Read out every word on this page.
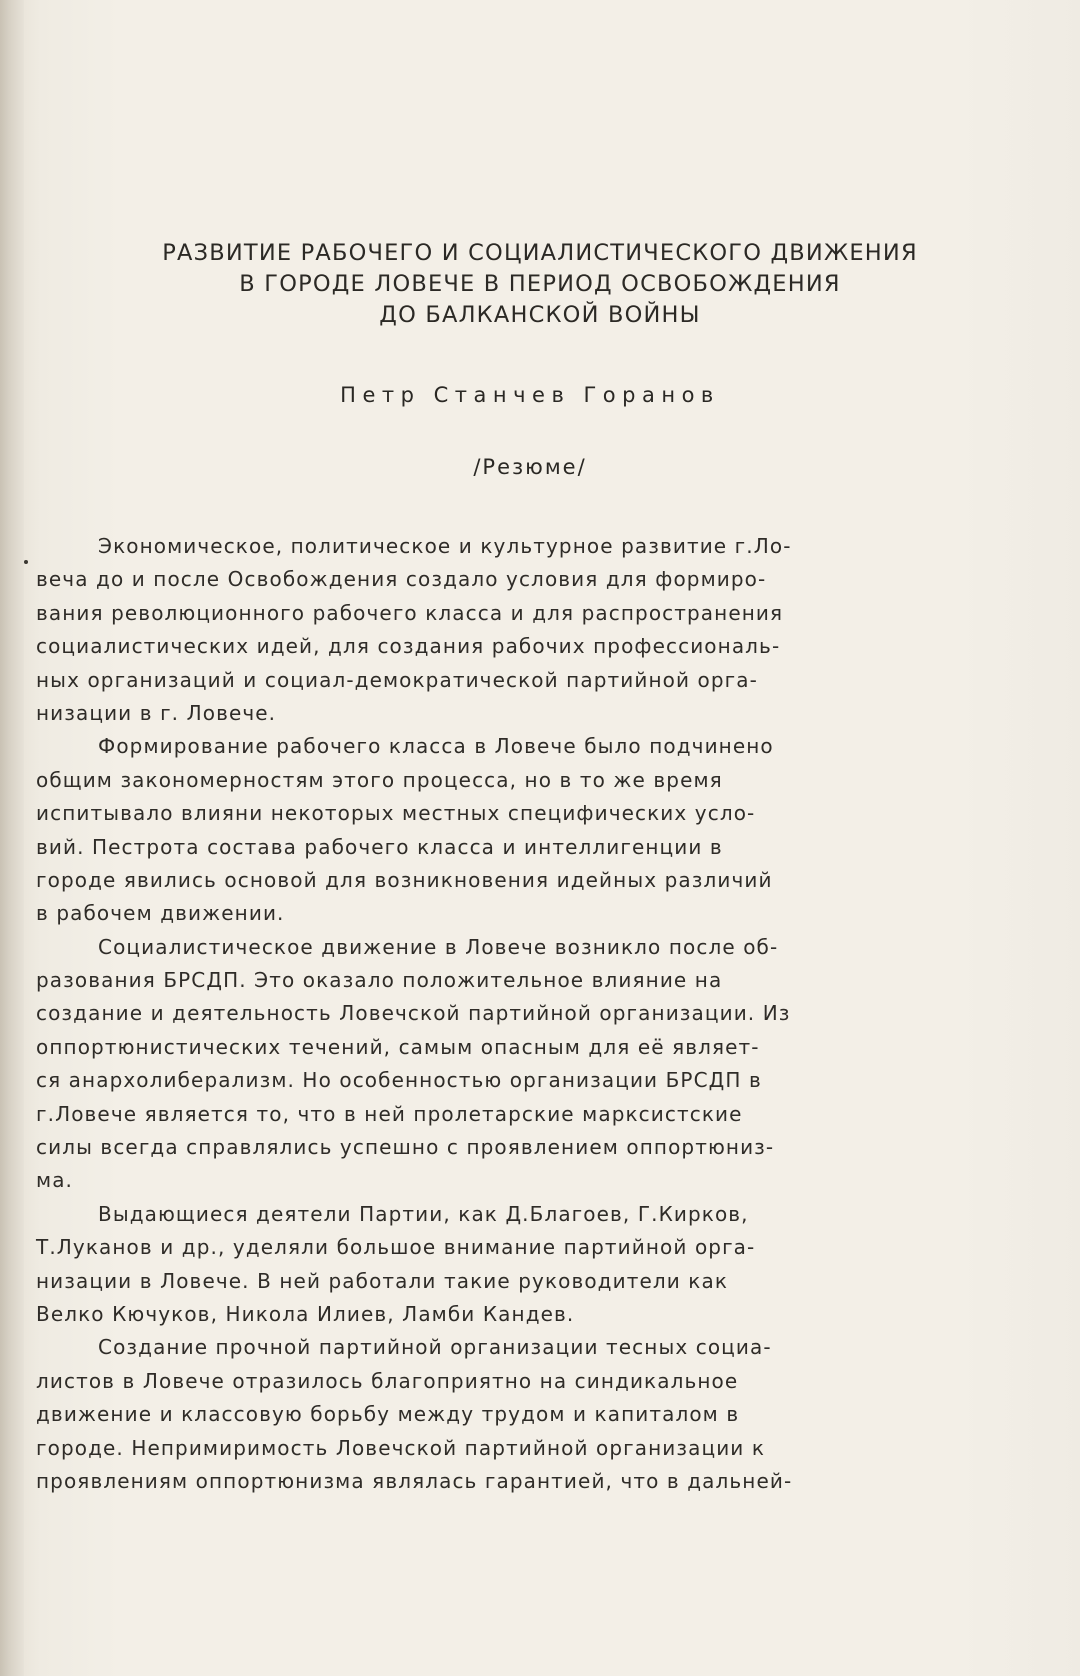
РАЗВИТИЕ РАБОЧЕГО И СОЦИАЛИСТИЧЕСКОГО ДВИЖЕНИЯ
В ГОРОДЕ ЛОВЕЧЕ В ПЕРИОД ОСВОБОЖДЕНИЯ
ДО БАЛКАНСКОЙ ВОЙНЫ
Петр Станчев Горанов
/Резюме/
Экономическое, политическое и культурное развитие г.Ло-
веча до и после Освобождения создало условия для формиро-
вания революционного рабочего класса и для распространения
социалистических идей, для создания рабочих профессиональ-
ных организаций и социал-демократической партийной орга-
низации в г. Ловече.
Формирование рабочего класса в Ловече было подчинено
общим закономерностям этого процесса, но в то же время
испитывало влияни некоторых местных специфических усло-
вий. Пестрота состава рабочего класса и интеллигенции в
городе явились основой для возникновения идейных различий
в рабочем движении.
Социалистическое движение в Ловече возникло после об-
разования БРСДП. Это оказало положительное влияние на
создание и деятельность Ловечской партийной организации. Из
оппортюнистических течений, самым опасным для её являет-
ся анархолиберализм. Но особенностью организации БРСДП в
г.Ловече является то, что в ней пролетарские марксистские
силы всегда справлялись успешно с проявлением оппортюниз-
ма.
Выдающиеся деятели Партии, как Д.Благоев, Г.Кирков,
Т.Луканов и др., уделяли большое внимание партийной орга-
низации в Ловече. В ней работали такие руководители как
Велко Кючуков, Никола Илиев, Ламби Кандев.
Создание прочной партийной организации тесных социа-
листов в Ловече отразилось благоприятно на синдикальное
движение и классовую борьбу между трудом и капиталом в
городе. Непримиримость Ловечской партийной организации к
проявлениям оппортюнизма являлась гарантией, что в дальней-
